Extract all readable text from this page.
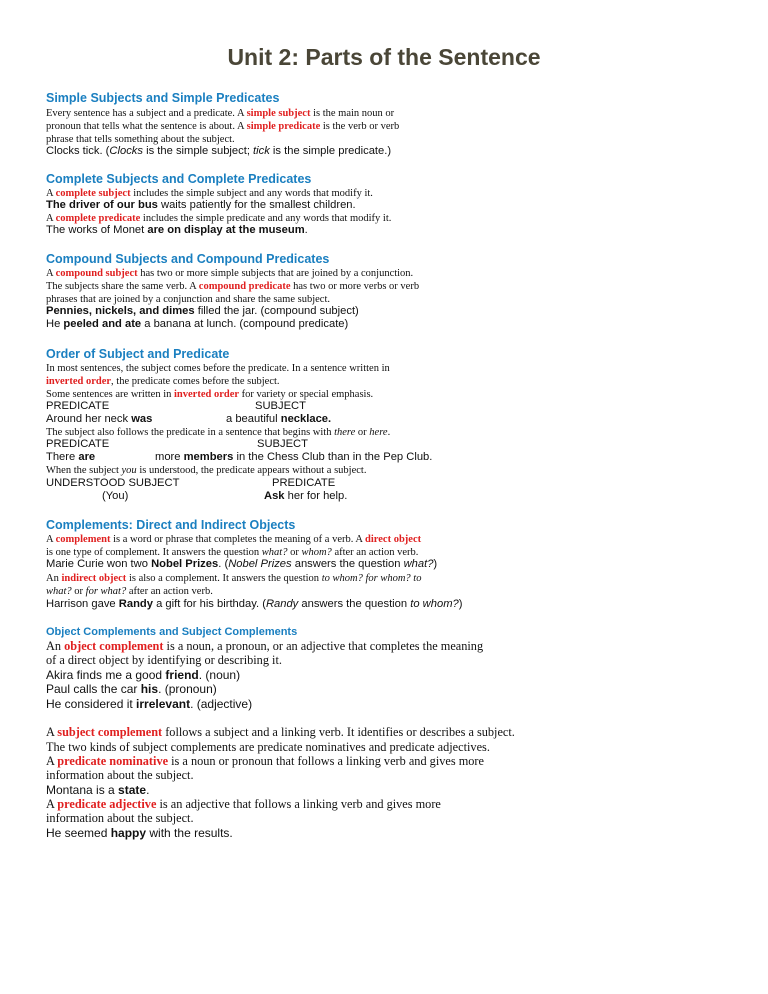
Unit 2: Parts of the Sentence
Simple Subjects and Simple Predicates
Every sentence has a subject and a predicate. A simple subject is the main noun or
pronoun that tells what the sentence is about. A simple predicate is the verb or verb
phrase that tells something about the subject.
Clocks tick. (Clocks is the simple subject; tick is the simple predicate.)
Complete Subjects and Complete Predicates
A complete subject includes the simple subject and any words that modify it.
The driver of our bus waits patiently for the smallest children.
A complete predicate includes the simple predicate and any words that modify it.
The works of Monet are on display at the museum.
Compound Subjects and Compound Predicates
A compound subject has two or more simple subjects that are joined by a conjunction.
The subjects share the same verb. A compound predicate has two or more verbs or verb
phrases that are joined by a conjunction and share the same subject.
Pennies, nickels, and dimes filled the jar. (compound subject)
He peeled and ate a banana at lunch. (compound predicate)
Order of Subject and Predicate
In most sentences, the subject comes before the predicate. In a sentence written in
inverted order, the predicate comes before the subject.
Some sentences are written in inverted order for variety or special emphasis.
PREDICATE	SUBJECT
Around her neck was	a beautiful necklace.
The subject also follows the predicate in a sentence that begins with there or here.
PREDICATE	SUBJECT
There are	more members in the Chess Club than in the Pep Club.
When the subject you is understood, the predicate appears without a subject.
UNDERSTOOD SUBJECT	PREDICATE
(You)	Ask her for help.
Complements: Direct and Indirect Objects
A complement is a word or phrase that completes the meaning of a verb. A direct object
is one type of complement. It answers the question what? or whom? after an action verb.
Marie Curie won two Nobel Prizes. (Nobel Prizes answers the question what?)
An indirect object is also a complement. It answers the question to whom? for whom? to
what? or for what? after an action verb.
Harrison gave Randy a gift for his birthday. (Randy answers the question to whom?)
Object Complements and Subject Complements
An object complement is a noun, a pronoun, or an adjective that completes the meaning
of a direct object by identifying or describing it.
Akira finds me a good friend. (noun)
Paul calls the car his. (pronoun)
He considered it irrelevant. (adjective)
A subject complement follows a subject and a linking verb. It identifies or describes a subject.
The two kinds of subject complements are predicate nominatives and predicate adjectives.
A predicate nominative is a noun or pronoun that follows a linking verb and gives more
information about the subject.
Montana is a state.
A predicate adjective is an adjective that follows a linking verb and gives more
information about the subject.
He seemed happy with the results.
